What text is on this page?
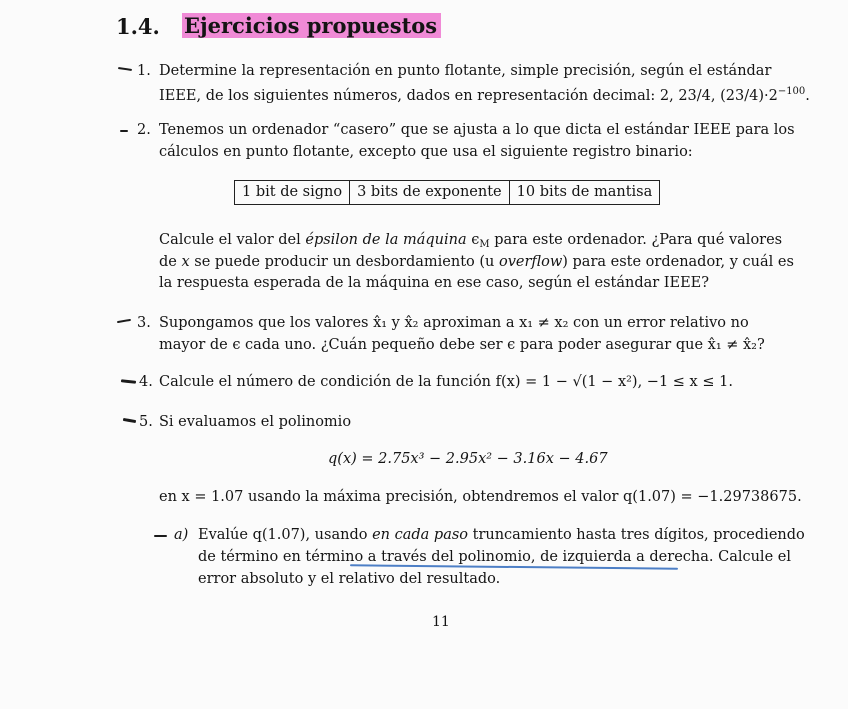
1.4. Ejercicios propuestos
1. Determine la representación en punto flotante, simple precisión, según el estándar
IEEE, de los siguientes números, dados en representación decimal: 2, 23/4, $(23/4)\cdot 2^{-100}$.
2. Tenemos un ordenador “casero” que se ajusta a lo que dicta el estándar IEEE para los
cálculos en punto flotante, excepto que usa el siguiente registro binario:
1 bit de signo	3 bits de exponente	10 bits de mantisa
Calcule el valor del épsilon de la máquina $\epsilon_M$ para este ordenador. ¿Para qué valores
de x se puede producir un desbordamiento (u overflow) para este ordenador, y cuál es
la respuesta esperada de la máquina en ese caso, según el estándar IEEE?
3. Supongamos que los valores x̂₁ y x̂₂ aproximan a x₁ ≠ x₂ con un error relativo no
mayor de ϵ cada uno. ¿Cuán pequeño debe ser ϵ para poder asegurar que x̂₁ ≠ x̂₂?
4. Calcule el número de condición de la función f(x) = 1 − √(1 − x²), −1 ≤ x ≤ 1.
5. Si evaluamos el polinomio
q(x) = 2.75x³ − 2.95x² − 3.16x − 4.67
en x = 1.07 usando la máxima precisión, obtendremos el valor q(1.07) = −1.29738675.
a) Evalúe q(1.07), usando en cada paso truncamiento hasta tres dígitos, procediendo
de término en término a través del polinomio, de izquierda a derecha. Calcule el
error absoluto y el relativo del resultado.
11
